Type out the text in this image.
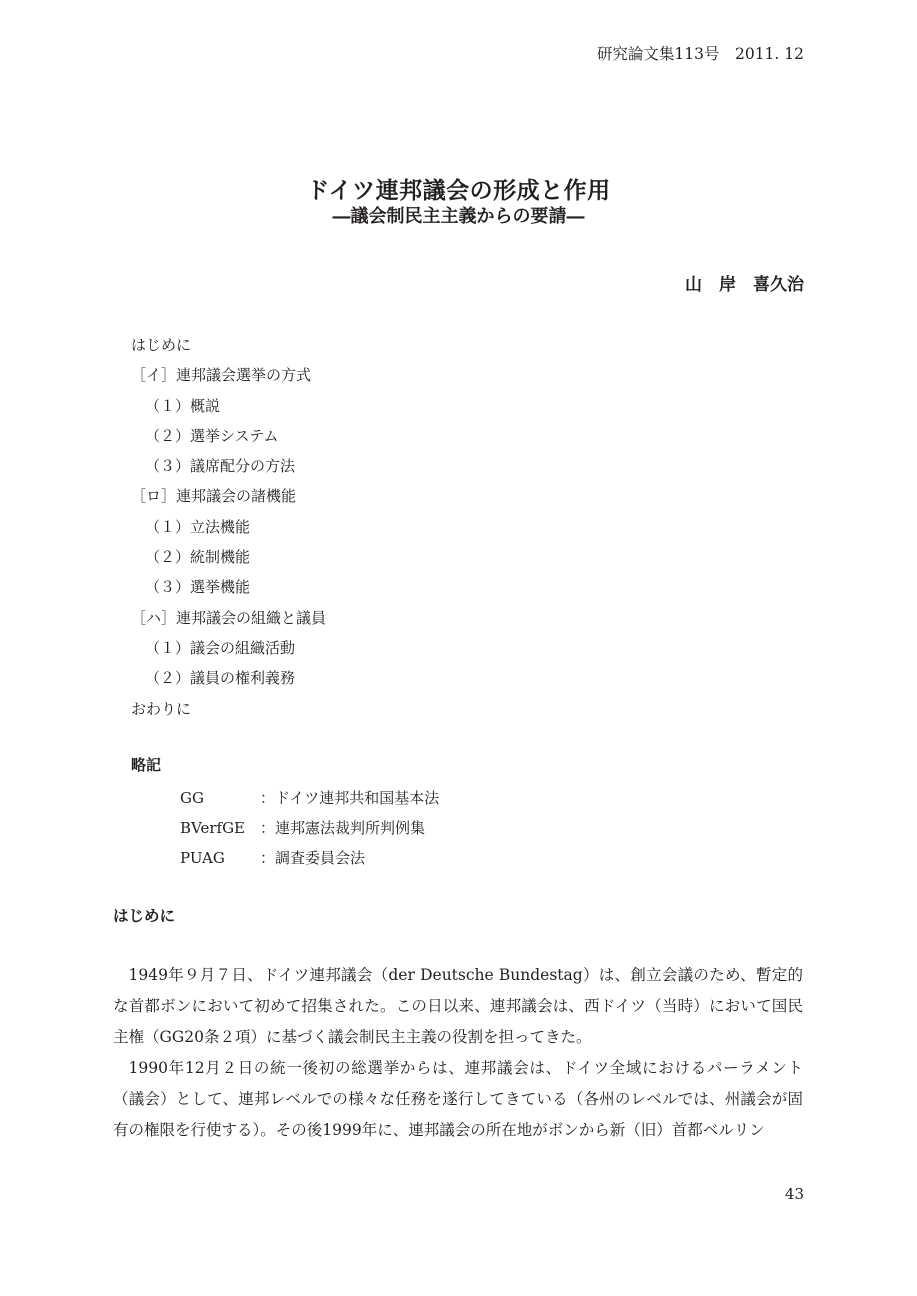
研究論文集113号　2011. 12
ドイツ連邦議会の形成と作用
―議会制民主主義からの要請―
山　岸　喜久治
はじめに
［イ］連邦議会選挙の方式
（１）概説
（２）選挙システム
（３）議席配分の方法
［ロ］連邦議会の諸機能
（１）立法機能
（２）統制機能
（３）選挙機能
［ハ］連邦議会の組織と議員
（１）議会の組織活動
（２）議員の権利義務
おわりに
略記
GG	：ドイツ連邦共和国基本法
BVerfGE ：連邦憲法裁判所判例集
PUAG ：調査委員会法
はじめに

1949年９月７日、ドイツ連邦議会（der Deutsche Bundestag）は、創立会議のため、暫定的な首都ボンにおいて初めて招集された。この日以来、連邦議会は、西ドイツ（当時）において国民主権（GG20条２項）に基づく議会制民主主義の役割を担ってきた。

1990年12月２日の統一後初の総選挙からは、連邦議会は、ドイツ全域におけるパーラメント（議会）として、連邦レベルでの様々な任務を遂行してきている（各州のレベルでは、州議会が固有の権限を行使する）。その後1999年に、連邦議会の所在地がボンから新（旧）首都ベルリン

43
